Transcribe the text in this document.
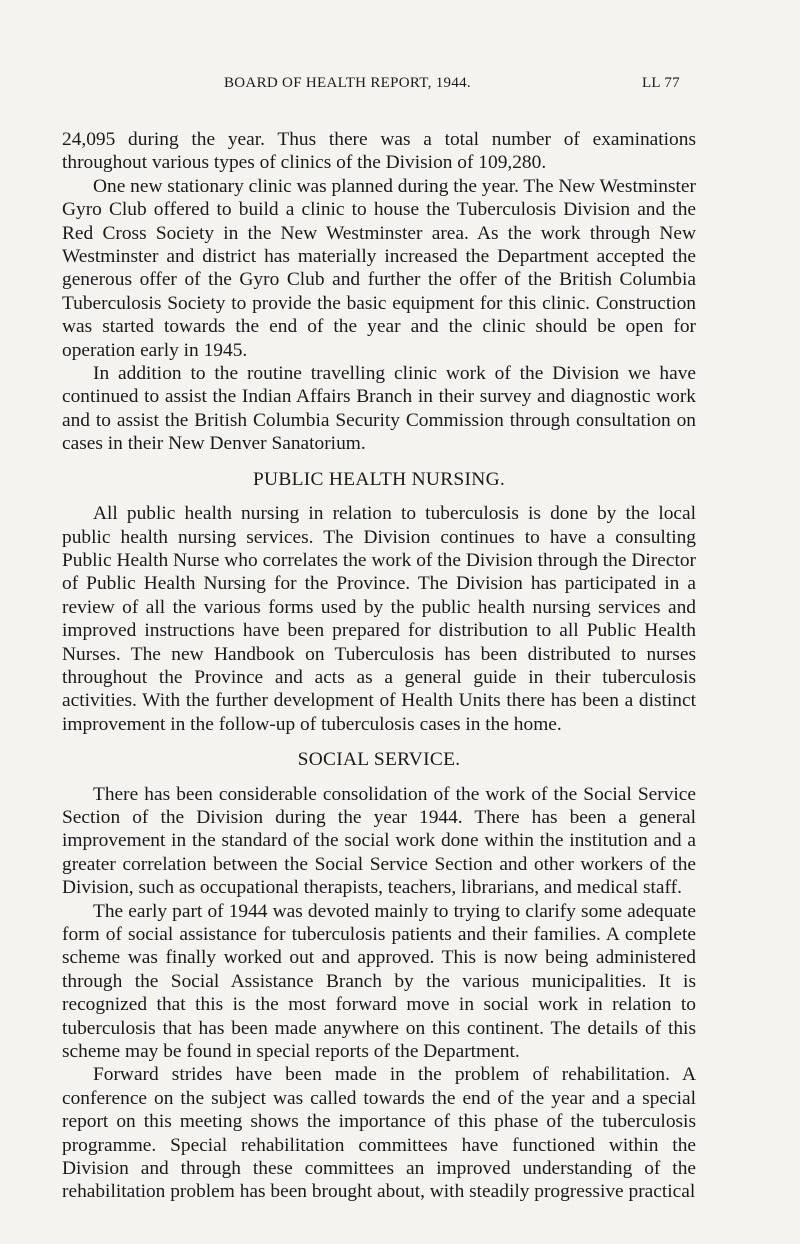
BOARD OF HEALTH REPORT, 1944.	LL 77

24,095 during the year. Thus there was a total number of examinations throughout various types of clinics of the Division of 109,280.

One new stationary clinic was planned during the year. The New Westminster Gyro Club offered to build a clinic to house the Tuberculosis Division and the Red Cross Society in the New Westminster area. As the work through New Westminster and district has materially increased the Department accepted the generous offer of the Gyro Club and further the offer of the British Columbia Tuberculosis Society to provide the basic equipment for this clinic. Construction was started towards the end of the year and the clinic should be open for operation early in 1945.

In addition to the routine travelling clinic work of the Division we have continued to assist the Indian Affairs Branch in their survey and diagnostic work and to assist the British Columbia Security Commission through consultation on cases in their New Denver Sanatorium.

PUBLIC HEALTH NURSING.

All public health nursing in relation to tuberculosis is done by the local public health nursing services. The Division continues to have a consulting Public Health Nurse who correlates the work of the Division through the Director of Public Health Nursing for the Province. The Division has participated in a review of all the various forms used by the public health nursing services and improved instructions have been prepared for distribution to all Public Health Nurses. The new Handbook on Tuberculosis has been distributed to nurses throughout the Province and acts as a general guide in their tuberculosis activities. With the further development of Health Units there has been a distinct improvement in the follow-up of tuberculosis cases in the home.

SOCIAL SERVICE.

There has been considerable consolidation of the work of the Social Service Section of the Division during the year 1944. There has been a general improvement in the standard of the social work done within the institution and a greater correlation between the Social Service Section and other workers of the Division, such as occupational therapists, teachers, librarians, and medical staff.

The early part of 1944 was devoted mainly to trying to clarify some adequate form of social assistance for tuberculosis patients and their families. A complete scheme was finally worked out and approved. This is now being administered through the Social Assistance Branch by the various municipalities. It is recognized that this is the most forward move in social work in relation to tuberculosis that has been made anywhere on this continent. The details of this scheme may be found in special reports of the Department.

Forward strides have been made in the problem of rehabilitation. A conference on the subject was called towards the end of the year and a special report on this meeting shows the importance of this phase of the tuberculosis programme. Special rehabilitation committees have functioned within the Division and through these committees an improved understanding of the rehabilitation problem has been brought about, with steadily progressive practical
